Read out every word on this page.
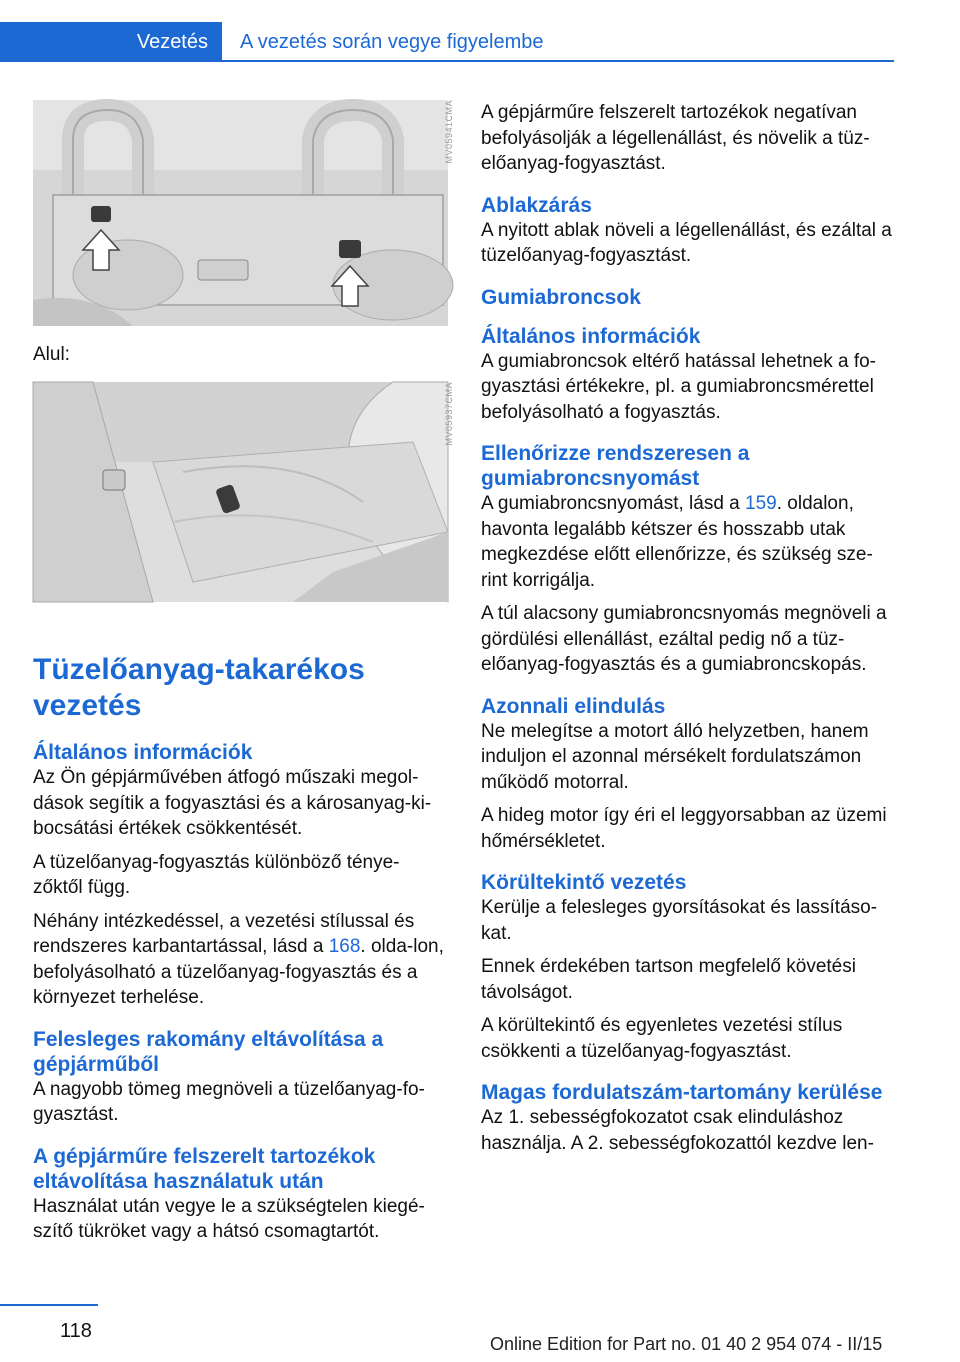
Vezetés	A vezetés során vegye figyelembe
MV05941CMA
Alul:
MV05937CMA
Tüzelőanyag-takarékos vezetés
Általános információk

Az Ön gépjárművében átfogó műszaki megol-dások segítik a fogyasztási és a károsanyag-ki-bocsátási értékek csökkentését.

A tüzelőanyag-fogyasztás különböző ténye-zőktől függ.

Néhány intézkedéssel, a vezetési stílussal és rendszeres karbantartással, lásd a 168. olda-lon, befolyásolható a tüzelőanyag-fogyasztás és a környezet terhelése.

Felesleges rakomány eltávolítása a gépjárműből

A nagyobb tömeg megnöveli a tüzelőanyag-fo-gyasztást.

A gépjárműre felszerelt tartozékok eltávolítása használatuk után

Használat után vegye le a szükségtelen kiegé-szítő tükröket vagy a hátsó csomagtartót.

A gépjárműre felszerelt tartozékok negatívan befolyásolják a légellenállást, és növelik a tüz-előanyag-fogyasztást.

Ablakzárás

A nyitott ablak növeli a légellenállást, és ezáltal a tüzelőanyag-fogyasztást.

Gumiabroncsok
Általános információk

A gumiabroncsok eltérő hatással lehetnek a fo-gyasztási értékekre, pl. a gumiabroncsmérettel befolyásolható a fogyasztás.

Ellenőrizze rendszeresen a gumiabroncsnyomást

A gumiabroncsnyomást, lásd a 159. oldalon, havonta legalább kétszer és hosszabb utak megkezdése előtt ellenőrizze, és szükség sze-rint korrigálja.

A túl alacsony gumiabroncsnyomás megnöveli a gördülési ellenállást, ezáltal pedig nő a tüz-előanyag-fogyasztás és a gumiabroncskopás.

Azonnali elindulás

Ne melegítse a motort álló helyzetben, hanem induljon el azonnal mérsékelt fordulatszámon működő motorral.

A hideg motor így éri el leggyorsabban az üzemi hőmérsékletet.

Körültekintő vezetés

Kerülje a felesleges gyorsításokat és lassításo-kat.

Ennek érdekében tartson megfelelő követési távolságot.

A körültekintő és egyenletes vezetési stílus csökkenti a tüzelőanyag-fogyasztást.

Magas fordulatszám-tartomány kerülése

Az 1. sebességfokozatot csak elinduláshoz használja. A 2. sebességfokozattól kezdve len-

118
Online Edition for Part no. 01 40 2 954 074 - II/15
